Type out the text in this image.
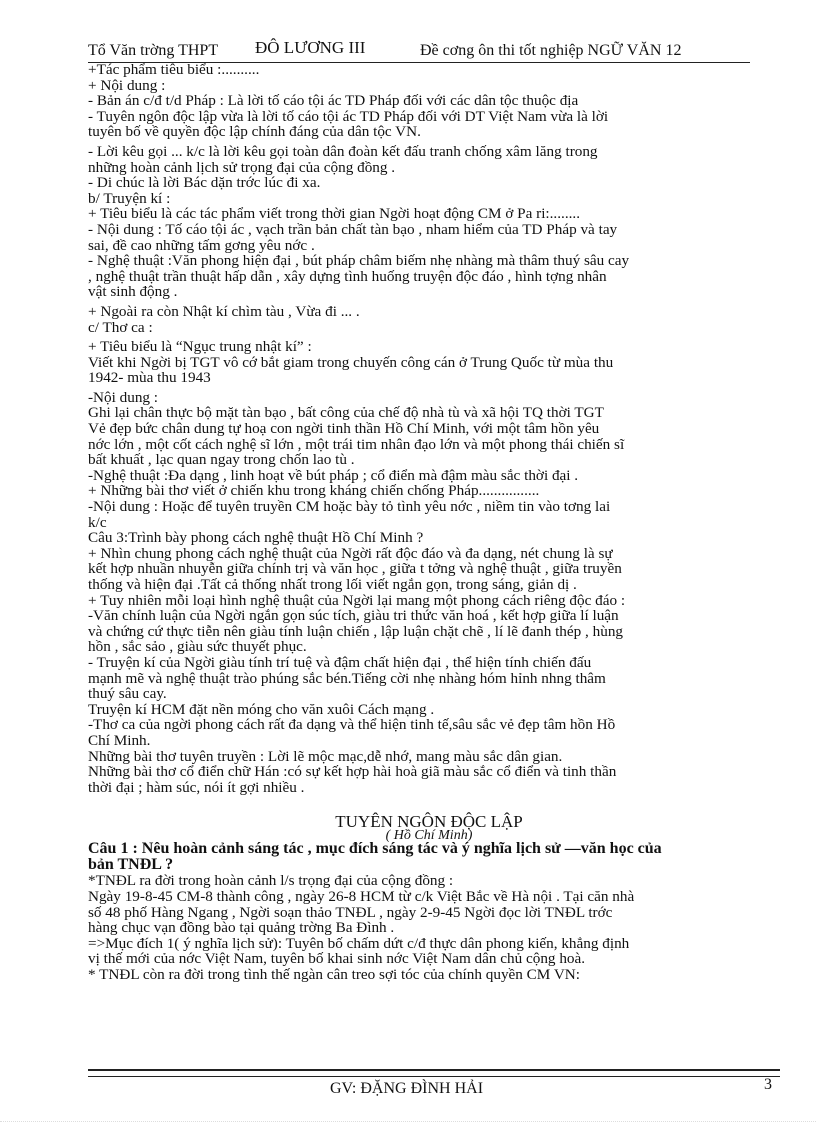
Tổ Văn trờng THPT ĐÔ LƯƠNG III	Đề cơng ôn thi tốt nghiệp NGỮ VĂN 12
+Tác phẩm tiêu biểu :..........
+ Nội dung :
- Bản án c/đ t/d Pháp : Là lời tố cáo tội ác TD Pháp đối với các dân tộc thuộc địa
- Tuyên ngôn độc lập vừa là lời tố cáo tội ác TD Pháp đối với DT Việt Nam vừa là lời
tuyên bố về quyền độc lập chính đáng của dân tộc VN.
- Lời kêu gọi ... k/c là lời kêu gọi toàn dân đoàn kết đấu tranh chống xâm lăng trong
những hoàn cảnh lịch sử trọng đại của cộng đồng .
- Di chúc là lời Bác dặn trớc lúc đi xa.
b/ Truyện kí :
+ Tiêu biểu là các tác phẩm viết trong thời gian Ngời hoạt động CM ở Pa ri:........
- Nội dung : Tố cáo tội ác , vạch trần bản chất tàn bạo , nham hiểm của TD Pháp và tay
sai, đề cao những tấm gơng yêu nớc .
- Nghệ thuật :Văn phong hiện đại , bút pháp châm biếm nhẹ nhàng mà thâm thuý sâu cay
, nghệ thuật trần thuật hấp dẫn , xây dựng tình huống truyện độc đáo , hình tợng nhân
vật sinh động .
+ Ngoài ra còn Nhật kí chìm tàu , Vừa đi ... .
c/ Thơ ca :
+ Tiêu biểu là “Ngục trung nhật kí” :
Viết khi Ngời bị TGT vô cớ bắt giam trong chuyến công cán ở Trung Quốc từ mùa thu
1942- mùa thu 1943
-Nội dung :
Ghi lại chân thực bộ mặt tàn bạo , bất công của chế độ nhà tù và xã hội TQ thời TGT
Vẻ đẹp bức chân dung tự hoạ con ngời tinh thần Hồ Chí Minh, với một tâm hồn yêu
nớc lớn , một cốt cách nghệ sĩ lớn , một trái tim nhân đạo lớn và một phong thái chiến sĩ
bất khuất , lạc quan ngay trong chốn lao tù .
-Nghệ thuật :Đa dạng , linh hoạt về bút pháp ; cổ điển mà đậm màu sắc thời đại .
+ Những bài thơ viết ở chiến khu trong kháng chiến chống Pháp................
-Nội dung : Hoặc để tuyên truyền CM hoặc bày tỏ tình yêu nớc , niềm tin vào tơng lai
k/c
Câu 3:Trình bày phong cách nghệ thuật Hồ Chí Minh ?
+ Nhìn chung phong cách nghệ thuật của Ngời rất độc đáo và đa dạng, nét chung là sự
kết hợp nhuần nhuyễn giữa chính trị và văn học , giữa t tởng và nghệ thuật , giữa truyền
thống và hiện đại .Tất cả thống nhất trong lối viết ngắn gọn, trong sáng, giản dị .
+ Tuy nhiên mỗi loại hình nghệ thuật của Ngời lại mang một phong cách riêng độc đáo :
-Văn chính luận của Ngời ngắn gọn súc tích, giàu tri thức văn hoá , kết hợp giữa lí luận
và chứng cứ thực tiễn nên giàu tính luận chiến , lập luận chặt chẽ , lí lẽ đanh thép , hùng
hồn , sắc sảo , giàu sức thuyết phục.
- Truyện kí của Ngời giàu tính trí tuệ và đậm chất hiện đại , thể hiện tính chiến đấu
mạnh mẽ và nghệ thuật trào phúng sắc bén.Tiếng cời nhẹ nhàng hóm hỉnh nhng thâm
thuý sâu cay.
Truyện kí HCM đặt nền móng cho văn xuôi Cách mạng .
-Thơ ca của ngời phong cách rất đa dạng và thể hiện tinh tế,sâu sắc vẻ đẹp tâm hồn Hồ
Chí Minh.
Những bài thơ tuyên truyền : Lời lẽ mộc mạc,dễ nhớ, mang màu sắc dân gian.
Những bài thơ cổ điển chữ Hán :có sự kết hợp hài hoà giã màu sắc cổ điển và tinh thần
thời đại ; hàm súc, nói ít gợi nhiều .
TUYÊN NGÔN ĐỘC LẬP
( Hồ Chí Minh)
Câu 1 : Nêu hoàn cảnh sáng tác , mục đích sáng tác và ý nghĩa lịch sử —văn học của
bản TNĐL ?
*TNĐL ra đời trong hoàn cảnh l/s trọng đại của cộng đồng :
Ngày 19-8-45 CM-8 thành công , ngày 26-8 HCM từ c/k Việt Bắc về Hà nội . Tại căn nhà
số 48 phố Hàng Ngang , Ngời soạn thảo TNĐL , ngày 2-9-45 Ngời đọc lời TNĐL trớc
hàng chục vạn đồng bào tại quảng trờng Ba Đình .
=>Mục đích 1( ý nghĩa lịch sử): Tuyên bố chấm dứt c/đ thực dân phong kiến, khẳng định
vị thế mới của nớc Việt Nam, tuyên bố khai sinh nớc Việt Nam dân chủ cộng hoà.
* TNĐL còn ra đời trong tình thế ngàn cân treo sợi tóc của chính quyền CM VN:
GV: ĐẶNG ĐÌNH HẢI	3
